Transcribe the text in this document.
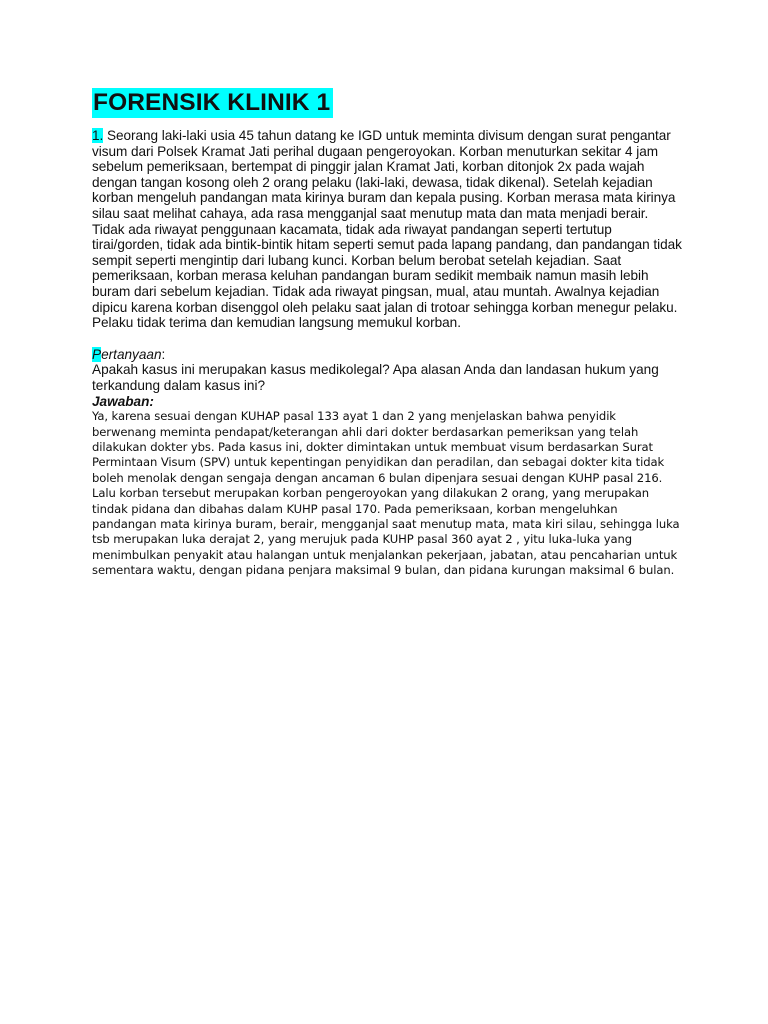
FORENSIK KLINIK 1
1. Seorang laki-laki usia 45 tahun datang ke IGD untuk meminta divisum dengan surat pengantar visum dari Polsek Kramat Jati perihal dugaan pengeroyokan. Korban menuturkan sekitar 4 jam sebelum pemeriksaan, bertempat di pinggir jalan Kramat Jati, korban ditonjok 2x pada wajah dengan tangan kosong oleh 2 orang pelaku (laki-laki, dewasa, tidak dikenal). Setelah kejadian korban mengeluh pandangan mata kirinya buram dan kepala pusing. Korban merasa mata kirinya silau saat melihat cahaya, ada rasa mengganjal saat menutup mata dan mata menjadi berair. Tidak ada riwayat penggunaan kacamata, tidak ada riwayat pandangan seperti tertutup tirai/gorden, tidak ada bintik-bintik hitam seperti semut pada lapang pandang, dan pandangan tidak sempit seperti mengintip dari lubang kunci. Korban belum berobat setelah kejadian. Saat pemeriksaan, korban merasa keluhan pandangan buram sedikit membaik namun masih lebih buram dari sebelum kejadian. Tidak ada riwayat pingsan, mual, atau muntah. Awalnya kejadian dipicu karena korban disenggol oleh pelaku saat jalan di trotoar sehingga korban menegur pelaku. Pelaku tidak terima dan kemudian langsung memukul korban.
Pertanyaan:
Apakah kasus ini merupakan kasus medikolegal? Apa alasan Anda dan landasan hukum yang terkandung dalam kasus ini?
Jawaban:
Ya, karena sesuai dengan KUHAP pasal 133 ayat 1 dan 2 yang menjelaskan bahwa penyidik berwenang meminta pendapat/keterangan ahli dari dokter berdasarkan pemeriksan yang telah dilakukan dokter ybs. Pada kasus ini, dokter dimintakan untuk membuat visum berdasarkan Surat Permintaan Visum (SPV) untuk kepentingan penyidikan dan peradilan, dan sebagai dokter kita tidak boleh menolak dengan sengaja dengan ancaman 6 bulan dipenjara sesuai dengan KUHP pasal 216. Lalu korban tersebut merupakan korban pengeroyokan yang dilakukan 2 orang, yang merupakan tindak pidana dan dibahas dalam KUHP pasal 170. Pada pemeriksaan, korban mengeluhkan pandangan mata kirinya buram, berair, mengganjal saat menutup mata, mata kiri silau, sehingga luka tsb merupakan luka derajat 2, yang merujuk pada KUHP pasal 360 ayat 2 , yitu luka-luka yang menimbulkan penyakit atau halangan untuk menjalankan pekerjaan, jabatan, atau pencaharian untuk sementara waktu, dengan pidana penjara maksimal 9 bulan, dan pidana kurungan maksimal 6 bulan.
